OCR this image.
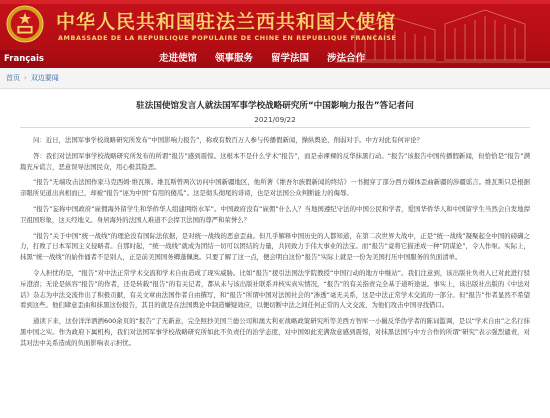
中华人民共和国驻法兰西共和国大使馆
AMBASSADE DE LA REPUBLIQUE POPULAIRE DE CHINE EN REPUBLIQUE FRANCAISE
Français	走进使馆	领事服务	留学法国	涉法合作
首页 › 双边要闻
驻法国使馆发言人就法国军事学校战略研究所“中国影响力报告”答记者问
2021/09/22

问：近日，法国军事学校战略研究所发布“中国影响力报告”，称或有数百万人参与传播假新闻，操纵舆论、削弱对手。中方对此有何评论？

答：我们对法国军事学校战略研究所发布的所谓“报告”感到震惊。这根本不是什么学术“报告”，而是赤裸裸的反华抹黑行动。“报告”该报告中国传播假新闻，但恰恰是“报告”满篇充斥谎言，恶意误导法国民众，用心极其险恶。

“报告”无端攻击法国作家马克西姆·维瓦斯。维瓦斯曾两次访问中国新疆地区，他所著《维吾尔族假新闻的终结》一书揭穿了部分西方媒体歪曲新疆的涉疆谣言。维瓦斯只是根据亲眼所见道出真相而已，却被“报告”诬为中国“有用的傻瓜”。这是彻头彻尾的诽谤，也是对法国公众判断能力的侮辱。

“报告”妄称中国政府“雇佣海外留学生和华侨华人组建网络水军”。中国政府没有“雇佣”什么人？当地国遵纪守法的中国公民和学者，爱国华侨华人和中国留学生当然会自发地捍卫祖国形象，这天经地义。身居海外的法国人难道不会捍卫法国的尊严和荣誉么？

“报告”关于中国“统一战线”的理论没有国际法依据，是对统一战线的恶意歪曲。但几乎解释中国历史的人都知道，在第二次世界大战中，正是“统一战线”凝聚起全中国的磅礴之力，打败了日本军国主义侵略者。自那时起，“统一战线”就成为团结一切可以团结的力量，共同致力于伟大事业的法宝。而“报告”竟将它描述成一种“阴谋论”，令人作呕。实际上，抹黑“统一战线”的始作俑者不是别人，正是前美国国务卿蓬佩奥。只要了解了这一点，便会明白这份“报告”实际上就是一份为美国打压中国服务的负面清单。

令人担忧的是，“报告”对中法正常学术交流和学术自由造成了现实威胁。比如“报告”援引法国法学院教授“中国行动的地方中继站”。我们注意到，该出版社负责人已对此进行驳斥澄清；无论是纵容“报告”的作者，还是转载“报告”的有关记者，都从未与该出版社联系并核实真实情况，“报告”的有关指责完全基于道听途说。事实上，该出版社出版的《中法对话》杂志为中法交流作出了积极贡献，有关文章由法国作者自由撰写，和“报告”所谓中国对法国社会的“渗透”毫无关系，这是中法正常学术交流的一部分。但“报告”作者显然不希望看到这些。他们肆意歪曲和抹黑这份报告，其目的就是在法国舆论中制造嫌疑效应，以便切断中法之间任何正常的人文交流，为他们攻击中国寻找借口。

通读下来，这份洋洋洒洒600余页的“报告”了无新意，完全照抄美国兰德公司和澳大利亚战略政策研究所等美西方智库一小撮反华伪学者的陈词滥调，是以“学术自由”之名行抹黑中国之实。作为政府下属机构，我们对法国军事学校战略研究所如此不负责任的治学态度，对中国如此充满敌意感到震惊，对抹黑法国与中方合作的所谓“研究”表示强烈谴责，对其对法中关系造成的负面影响表示担忧。
